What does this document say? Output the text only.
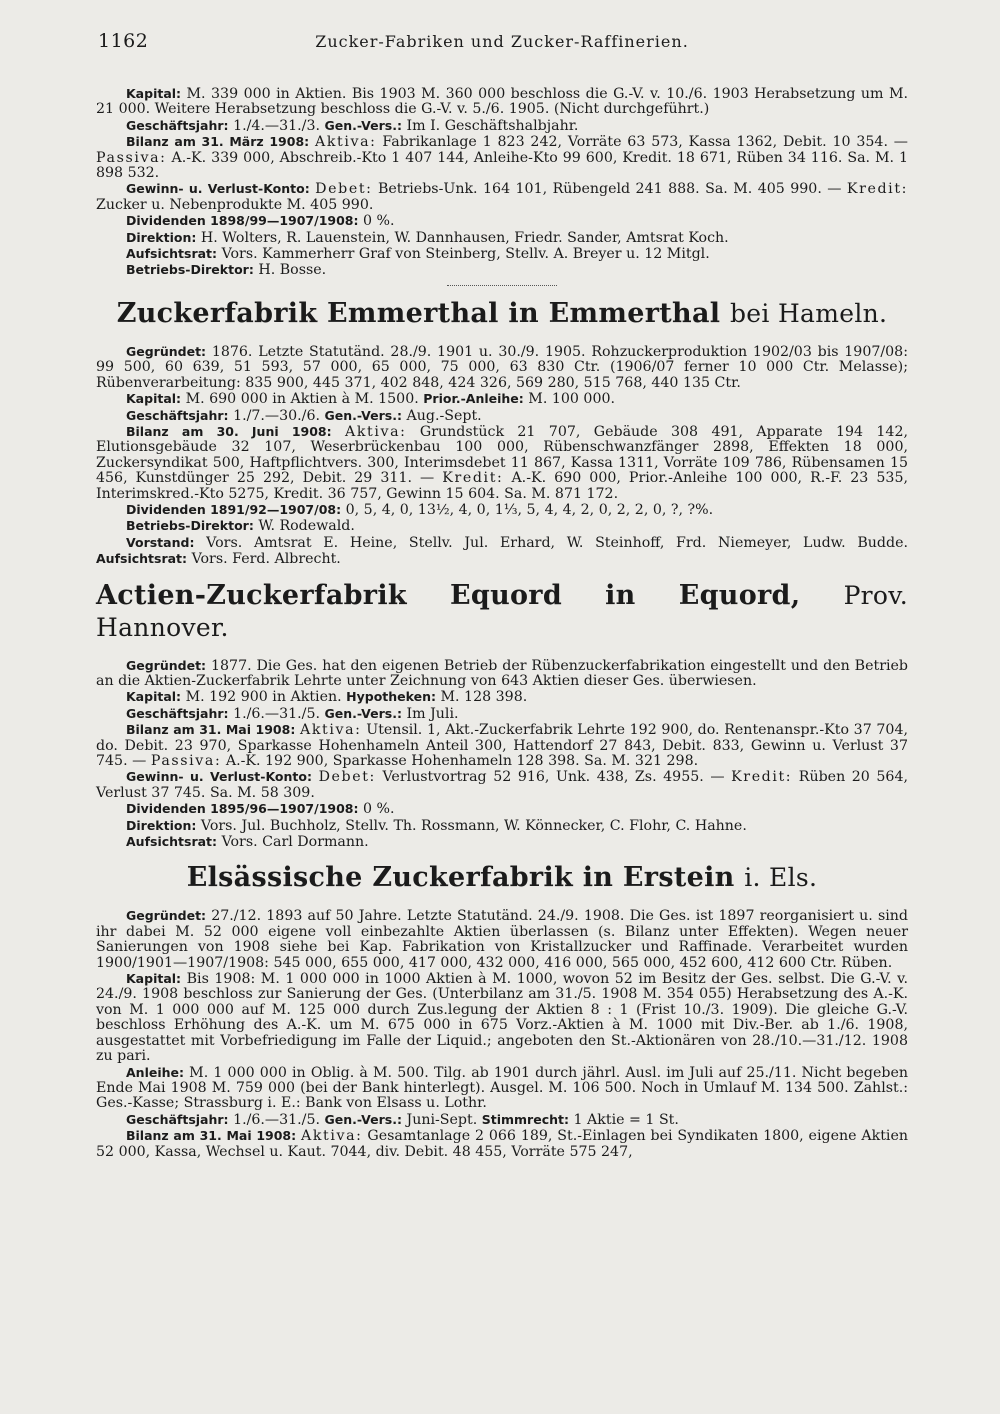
1162	Zucker-Fabriken und Zucker-Raffinerien.

Kapital: M. 339 000 in Aktien. Bis 1903 M. 360 000 beschloss die G.-V. v. 10./6. 1903 Herabsetzung um M. 21 000. Weitere Herabsetzung beschloss die G.-V. v. 5./6. 1905. (Nicht durchgeführt.)

Geschäftsjahr: 1./4.—31./3. Gen.-Vers.: Im I. Geschäftshalbjahr.

Bilanz am 31. März 1908: Aktiva: Fabrikanlage 1 823 242, Vorräte 63 573, Kassa 1362, Debit. 10 354. — Passiva: A.-K. 339 000, Abschreib.-Kto 1 407 144, Anleihe-Kto 99 600, Kredit. 18 671, Rüben 34 116. Sa. M. 1 898 532.

Gewinn- u. Verlust-Konto: Debet: Betriebs-Unk. 164 101, Rübengeld 241 888. Sa. M. 405 990. — Kredit: Zucker u. Nebenprodukte M. 405 990.

Dividenden 1898/99—1907/1908: 0 %.

Direktion: H. Wolters, R. Lauenstein, W. Dannhausen, Friedr. Sander, Amtsrat Koch.

Aufsichtsrat: Vors. Kammerherr Graf von Steinberg, Stellv. A. Breyer u. 12 Mitgl.

Betriebs-Direktor: H. Bosse.

Zuckerfabrik Emmerthal in Emmerthal bei Hameln.

Gegründet: 1876. Letzte Statutänd. 28./9. 1901 u. 30./9. 1905. Rohzuckerproduktion 1902/03 bis 1907/08: 99 500, 60 639, 51 593, 57 000, 65 000, 75 000, 63 830 Ctr. (1906/07 ferner 10 000 Ctr. Melasse); Rübenverarbeitung: 835 900, 445 371, 402 848, 424 326, 569 280, 515 768, 440 135 Ctr.

Kapital: M. 690 000 in Aktien à M. 1500. Prior.-Anleihe: M. 100 000.

Geschäftsjahr: 1./7.—30./6. Gen.-Vers.: Aug.-Sept.

Bilanz am 30. Juni 1908: Aktiva: Grundstück 21 707, Gebäude 308 491, Apparate 194 142, Elutionsgebäude 32 107, Weserbrückenbau 100 000, Rübenschwanzfänger 2898, Effekten 18 000, Zuckersyndikat 500, Haftpflichtvers. 300, Interimsdebet 11 867, Kassa 1311, Vorräte 109 786, Rübensamen 15 456, Kunstdünger 25 292, Debit. 29 311. — Kredit: A.-K. 690 000, Prior.-Anleihe 100 000, R.-F. 23 535, Interimskred.-Kto 5275, Kredit. 36 757, Gewinn 15 604. Sa. M. 871 172.

Dividenden 1891/92—1907/08: 0, 5, 4, 0, 13½, 4, 0, 1⅓, 5, 4, 4, 2, 0, 2, 2, 0, ?, ?%.

Betriebs-Direktor: W. Rodewald.

Vorstand: Vors. Amtsrat E. Heine, Stellv. Jul. Erhard, W. Steinhoff, Frd. Niemeyer, Ludw. Budde. Aufsichtsrat: Vors. Ferd. Albrecht.

Actien-Zuckerfabrik Equord in Equord, Prov. Hannover.

Gegründet: 1877. Die Ges. hat den eigenen Betrieb der Rübenzuckerfabrikation eingestellt und den Betrieb an die Aktien-Zuckerfabrik Lehrte unter Zeichnung von 643 Aktien dieser Ges. überwiesen.

Kapital: M. 192 900 in Aktien. Hypotheken: M. 128 398.

Geschäftsjahr: 1./6.—31./5. Gen.-Vers.: Im Juli.

Bilanz am 31. Mai 1908: Aktiva: Utensil. 1, Akt.-Zuckerfabrik Lehrte 192 900, do. Rentenanspr.-Kto 37 704, do. Debit. 23 970, Sparkasse Hohenhameln Anteil 300, Hattendorf 27 843, Debit. 833, Gewinn u. Verlust 37 745. — Passiva: A.-K. 192 900, Sparkasse Hohenhameln 128 398. Sa. M. 321 298.

Gewinn- u. Verlust-Konto: Debet: Verlustvortrag 52 916, Unk. 438, Zs. 4955. — Kredit: Rüben 20 564, Verlust 37 745. Sa. M. 58 309.

Dividenden 1895/96—1907/1908: 0 %.

Direktion: Vors. Jul. Buchholz, Stellv. Th. Rossmann, W. Könnecker, C. Flohr, C. Hahne.

Aufsichtsrat: Vors. Carl Dormann.

Elsässische Zuckerfabrik in Erstein i. Els.

Gegründet: 27./12. 1893 auf 50 Jahre. Letzte Statutänd. 24./9. 1908. Die Ges. ist 1897 reorganisiert u. sind ihr dabei M. 52 000 eigene voll einbezahlte Aktien überlassen (s. Bilanz unter Effekten). Wegen neuer Sanierungen von 1908 siehe bei Kap. Fabrikation von Kristallzucker und Raffinade. Verarbeitet wurden 1900/1901—1907/1908: 545 000, 655 000, 417 000, 432 000, 416 000, 565 000, 452 600, 412 600 Ctr. Rüben.

Kapital: Bis 1908: M. 1 000 000 in 1000 Aktien à M. 1000, wovon 52 im Besitz der Ges. selbst. Die G.-V. v. 24./9. 1908 beschloss zur Sanierung der Ges. (Unterbilanz am 31./5. 1908 M. 354 055) Herabsetzung des A.-K. von M. 1 000 000 auf M. 125 000 durch Zus.legung der Aktien 8 : 1 (Frist 10./3. 1909). Die gleiche G.-V. beschloss Erhöhung des A.-K. um M. 675 000 in 675 Vorz.-Aktien à M. 1000 mit Div.-Ber. ab 1./6. 1908, ausgestattet mit Vorbefriedigung im Falle der Liquid.; angeboten den St.-Aktionären von 28./10.—31./12. 1908 zu pari.

Anleihe: M. 1 000 000 in Oblig. à M. 500. Tilg. ab 1901 durch jährl. Ausl. im Juli auf 25./11. Nicht begeben Ende Mai 1908 M. 759 000 (bei der Bank hinterlegt). Ausgel. M. 106 500. Noch in Umlauf M. 134 500. Zahlst.: Ges.-Kasse; Strassburg i. E.: Bank von Elsass u. Lothr.

Geschäftsjahr: 1./6.—31./5. Gen.-Vers.: Juni-Sept. Stimmrecht: 1 Aktie = 1 St.

Bilanz am 31. Mai 1908: Aktiva: Gesamtanlage 2 066 189, St.-Einlagen bei Syndikaten 1800, eigene Aktien 52 000, Kassa, Wechsel u. Kaut. 7044, div. Debit. 48 455, Vorräte 575 247,
